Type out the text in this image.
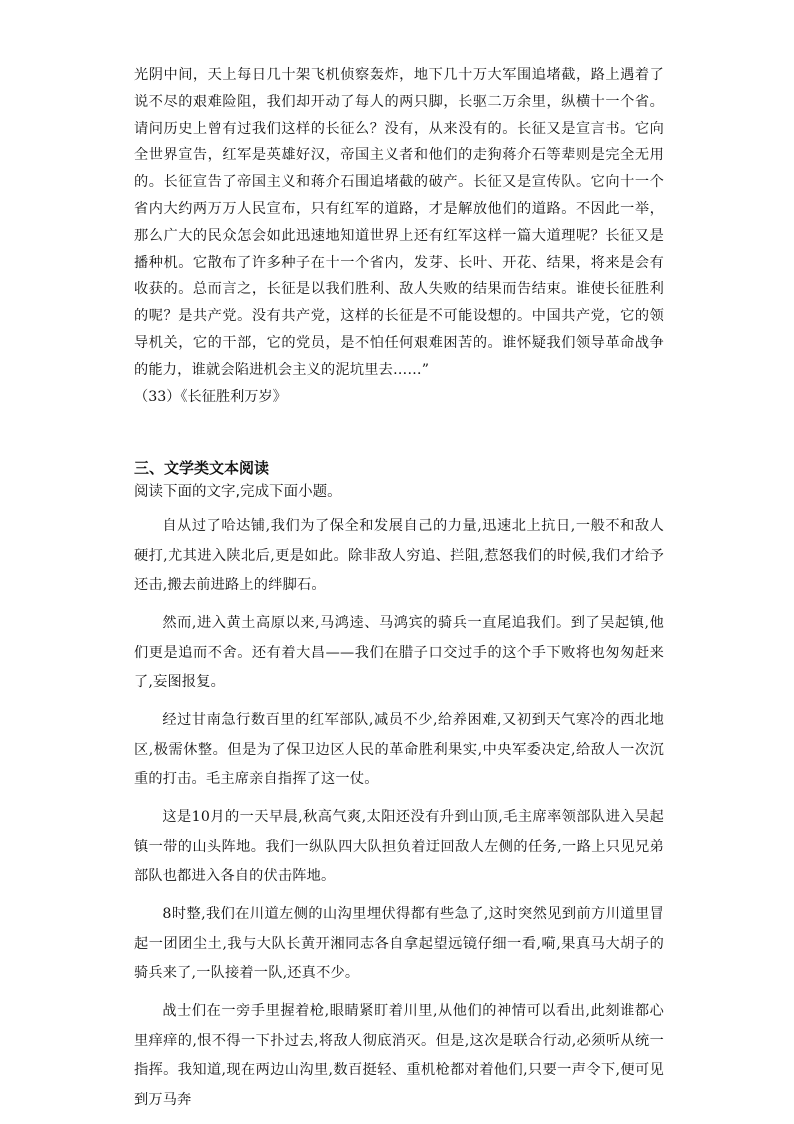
光阴中间，天上每日几十架飞机侦察轰炸，地下几十万大军围追堵截，路上遇着了说不尽的艰难险阻，我们却开动了每人的两只脚，长驱二万余里，纵横十一个省。请问历史上曾有过我们这样的长征么？没有，从来没有的。长征又是宣言书。它向全世界宣告，红军是英雄好汉，帝国主义者和他们的走狗蒋介石等辈则是完全无用的。长征宣告了帝国主义和蒋介石围追堵截的破产。长征又是宣传队。它向十一个省内大约两万万人民宣布，只有红军的道路，才是解放他们的道路。不因此一举，那么广大的民众怎会如此迅速地知道世界上还有红军这样一篇大道理呢？长征又是播种机。它散布了许多种子在十一个省内，发芽、长叶、开花、结果，将来是会有收获的。总而言之，长征是以我们胜利、敌人失败的结果而告结束。谁使长征胜利的呢？是共产党。没有共产党，这样的长征是不可能设想的。中国共产党，它的领导机关，它的干部，它的党员，是不怕任何艰难困苦的。谁怀疑我们领导革命战争的能力，谁就会陷进机会主义的泥坑里去……”

（33）《长征胜利万岁》

三、文学类文本阅读

阅读下面的文字,完成下面小题。

自从过了哈达铺,我们为了保全和发展自己的力量,迅速北上抗日,一般不和敌人硬打,尤其进入陕北后,更是如此。除非敌人穷追、拦阻,惹怒我们的时候,我们才给予还击,搬去前进路上的绊脚石。

然而,进入黄土高原以来,马鸿逵、马鸿宾的骑兵一直尾追我们。到了吴起镇,他们更是追而不舍。还有着大昌——我们在腊子口交过手的这个手下败将也匆匆赶来了,妄图报复。

经过甘南急行数百里的红军部队,减员不少,给养困难,又初到天气寒冷的西北地区,极需休整。但是为了保卫边区人民的革命胜利果实,中央军委决定,给敌人一次沉重的打击。毛主席亲自指挥了这一仗。

这是10月的一天早晨,秋高气爽,太阳还没有升到山顶,毛主席率领部队进入吴起镇一带的山头阵地。我们一纵队四大队担负着迂回敌人左侧的任务,一路上只见兄弟部队也都进入各自的伏击阵地。

8时整,我们在川道左侧的山沟里埋伏得都有些急了,这时突然见到前方川道里冒起一团团尘土,我与大队长黄开湘同志各自拿起望远镜仔细一看,嗬,果真马大胡子的骑兵来了,一队接着一队,还真不少。

战士们在一旁手里握着枪,眼睛紧盯着川里,从他们的神情可以看出,此刻谁都心里痒痒的,恨不得一下扑过去,将敌人彻底消灭。但是,这次是联合行动,必须听从统一指挥。我知道,现在两边山沟里,数百挺轻、重机枪都对着他们,只要一声令下,便可见到万马奔
